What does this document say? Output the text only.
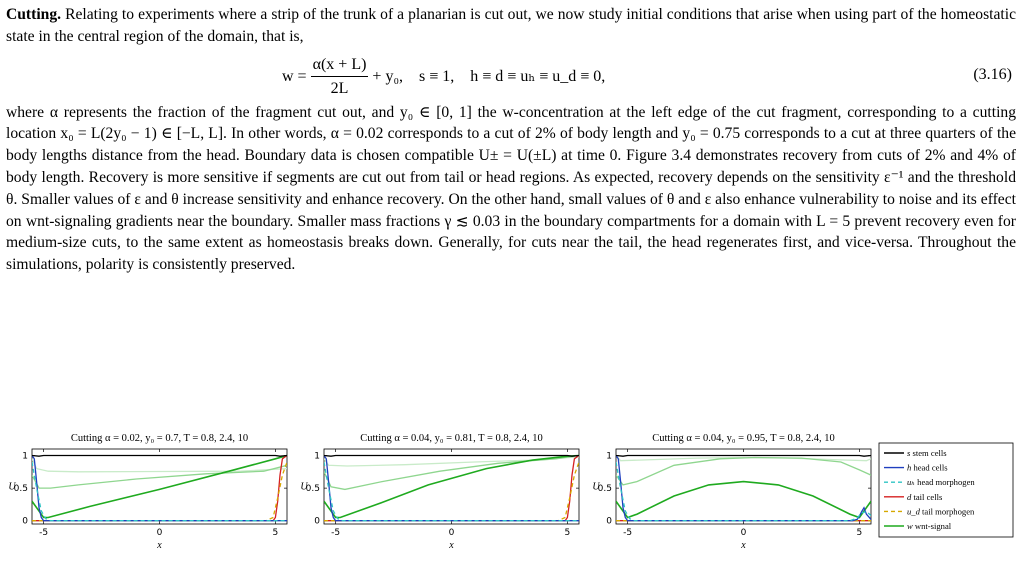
Cutting. Relating to experiments where a strip of the trunk of a planarian is cut out, we now study initial conditions that arise when using part of the homeostatic state in the central region of the domain, that is,

$w = \frac{\alpha(x + L)}{2L} + y_0$, s ≡ 1, h ≡ d ≡ uₕ ≡ u_d ≡ 0,	(3.16)

where α represents the fraction of the fragment cut out, and y₀ ∈ [0, 1] the w-concentration at the left edge of the cut fragment, corresponding to a cutting location x₀ = L(2y₀ − 1) ∈ [−L, L]. In other words, α = 0.02 corresponds to a cut of 2% of body length and y₀ = 0.75 corresponds to a cut at three quarters of the body lengths distance from the head. Boundary data is chosen compatible U± = U(±L) at time 0. Figure 3.4 demonstrates recovery from cuts of 2% and 4% of body length. Recovery is more sensitive if segments are cut out from tail or head regions. As expected, recovery depends on the sensitivity ε⁻¹ and the threshold θ. Smaller values of ε and θ increase sensitivity and enhance recovery. On the other hand, small values of θ and ε also enhance vulnerability to noise and its effect on wnt-signaling gradients near the boundary. Smaller mass fractions γ ≲ 0.03 in the boundary compartments for a domain with L = 5 prevent recovery even for medium-size cuts, to the same extent as homeostasis breaks down. Generally, for cuts near the tail, the head regenerates first, and vice-versa. Throughout the simulations, polarity is consistently preserved.

Cutting α = 0.02, y₀ = 0.7, T = 0.8, 2.4, 10
-5	0	5
0
0.5
1
x
U
Cutting α = 0.04, y₀ = 0.81, T = 0.8, 2.4, 10
-5	0	5
0
0.5
1
x
U
Cutting α = 0.04, y₀ = 0.95, T = 0.8, 2.4, 10
-5	0	5
0
0.5
1
x
U
s stem cells
h head cells
uₕ head morphogen
d tail cells
u_d tail morphogen
w wnt-signal
